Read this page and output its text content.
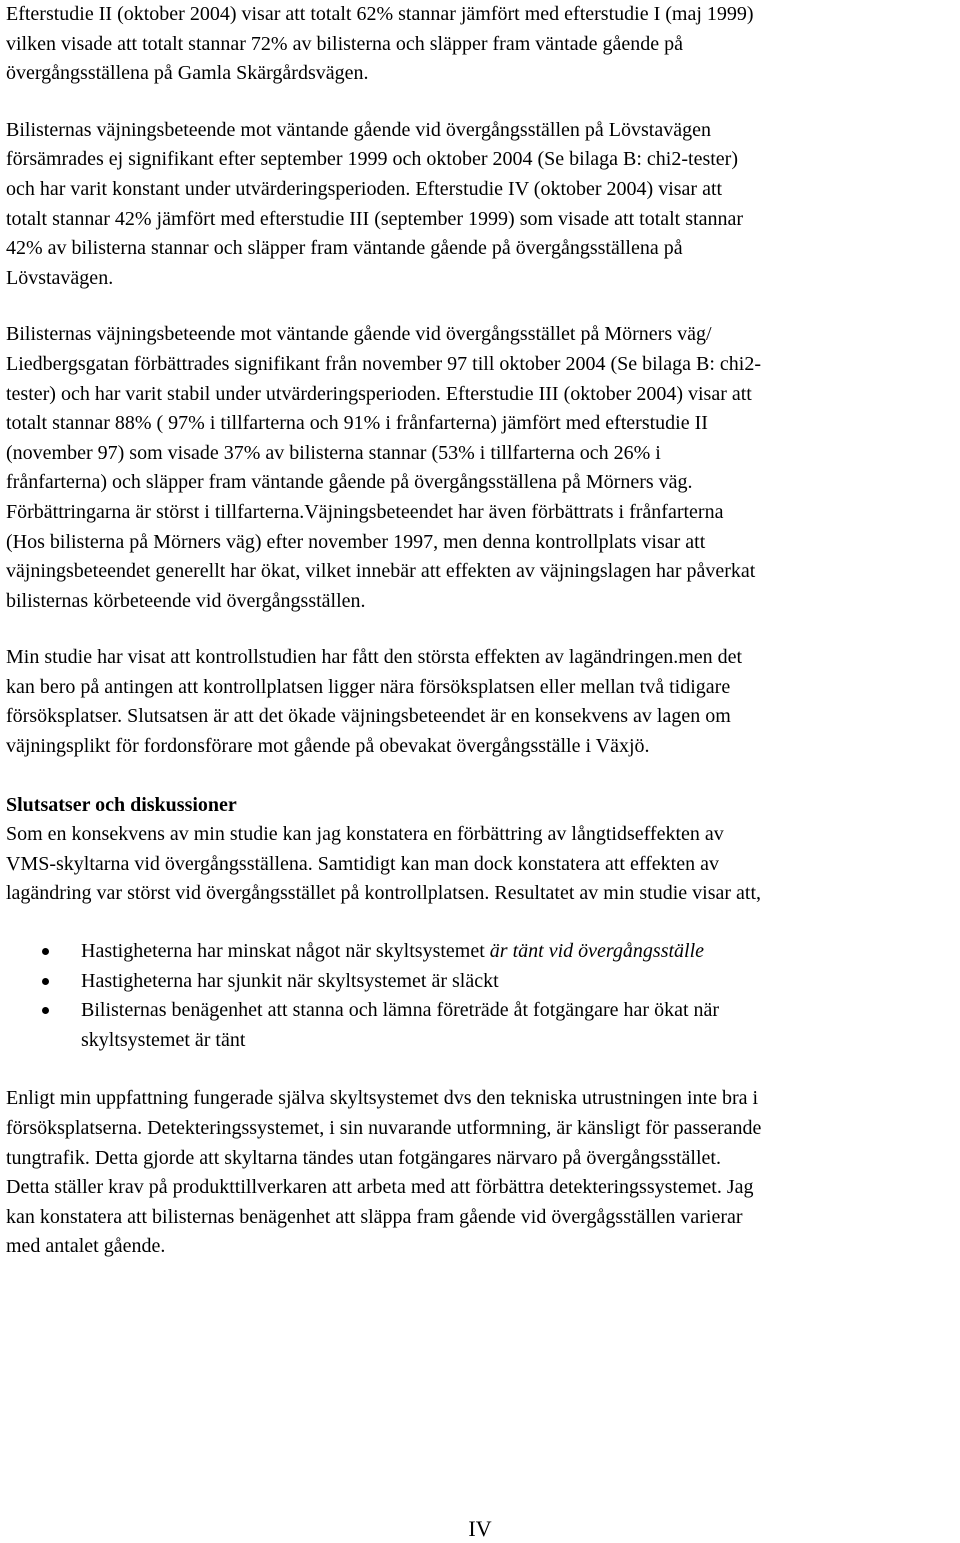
Efterstudie II (oktober 2004) visar att totalt 62% stannar jämfört med efterstudie I (maj 1999)
vilken visade att totalt stannar 72% av bilisterna och släpper fram väntade gående på
övergångsställena på Gamla Skärgårdsvägen.

Bilisternas väjningsbeteende mot väntande gående vid övergångsställen på Lövstavägen
försämrades ej signifikant efter september 1999 och oktober 2004 (Se bilaga B: chi2-tester)
och har varit konstant under utvärderingsperioden. Efterstudie IV (oktober 2004) visar att
totalt stannar 42% jämfört med efterstudie III (september 1999) som visade att totalt stannar
42% av bilisterna stannar och släpper fram väntande gående på övergångsställena på
Lövstavägen.

Bilisternas väjningsbeteende mot väntande gående vid övergångsstället på Mörners väg/
Liedbergsgatan förbättrades signifikant från november 97 till oktober 2004 (Se bilaga B: chi2-
tester) och har varit stabil under utvärderingsperioden. Efterstudie III (oktober 2004) visar att
totalt stannar 88% ( 97% i tillfarterna och 91% i frånfarterna) jämfört med efterstudie II
(november 97) som visade 37% av bilisterna stannar (53% i tillfarterna och 26% i
frånfarterna) och släpper fram väntande gående på övergångsställena på Mörners väg.
Förbättringarna är störst i tillfarterna.Väjningsbeteendet har även förbättrats i frånfarterna
(Hos bilisterna på Mörners väg) efter november 1997, men denna kontrollplats visar att
väjningsbeteendet generellt har ökat, vilket innebär att effekten av väjningslagen har påverkat
bilisternas körbeteende vid övergångsställen.

Min studie har visat att kontrollstudien har fått den största effekten av lagändringen.men det
kan bero på antingen att kontrollplatsen ligger nära försöksplatsen eller mellan två tidigare
försöksplatser. Slutsatsen är att det ökade väjningsbeteendet är en konsekvens av lagen om
väjningsplikt för fordonsförare mot gående på obevakat övergångsställe i Växjö.

Slutsatser och diskussioner

Som en konsekvens av min studie kan jag konstatera en förbättring av långtidseffekten av
VMS-skyltarna vid övergångsställena. Samtidigt kan man dock konstatera att effekten av
lagändring var störst vid övergångsstället på kontrollplatsen. Resultatet av min studie visar att,

Hastigheterna har minskat något när skyltsystemet är tänt vid övergångsställe
Hastigheterna har sjunkit när skyltsystemet är släckt
Bilisternas benägenhet att stanna och lämna företräde åt fotgängare har ökat när
skyltsystemet är tänt

Enligt min uppfattning fungerade själva skyltsystemet dvs den tekniska utrustningen inte bra i
försöksplatserna. Detekteringssystemet, i sin nuvarande utformning, är känsligt för passerande
tungtrafik. Detta gjorde att skyltarna tändes utan fotgängares närvaro på övergångsstället.
Detta ställer krav på produkttillverkaren att arbeta med att förbättra detekteringssystemet. Jag
kan konstatera att bilisternas benägenhet att släppa fram gående vid övergågsställen varierar
med antalet gående.

IV
